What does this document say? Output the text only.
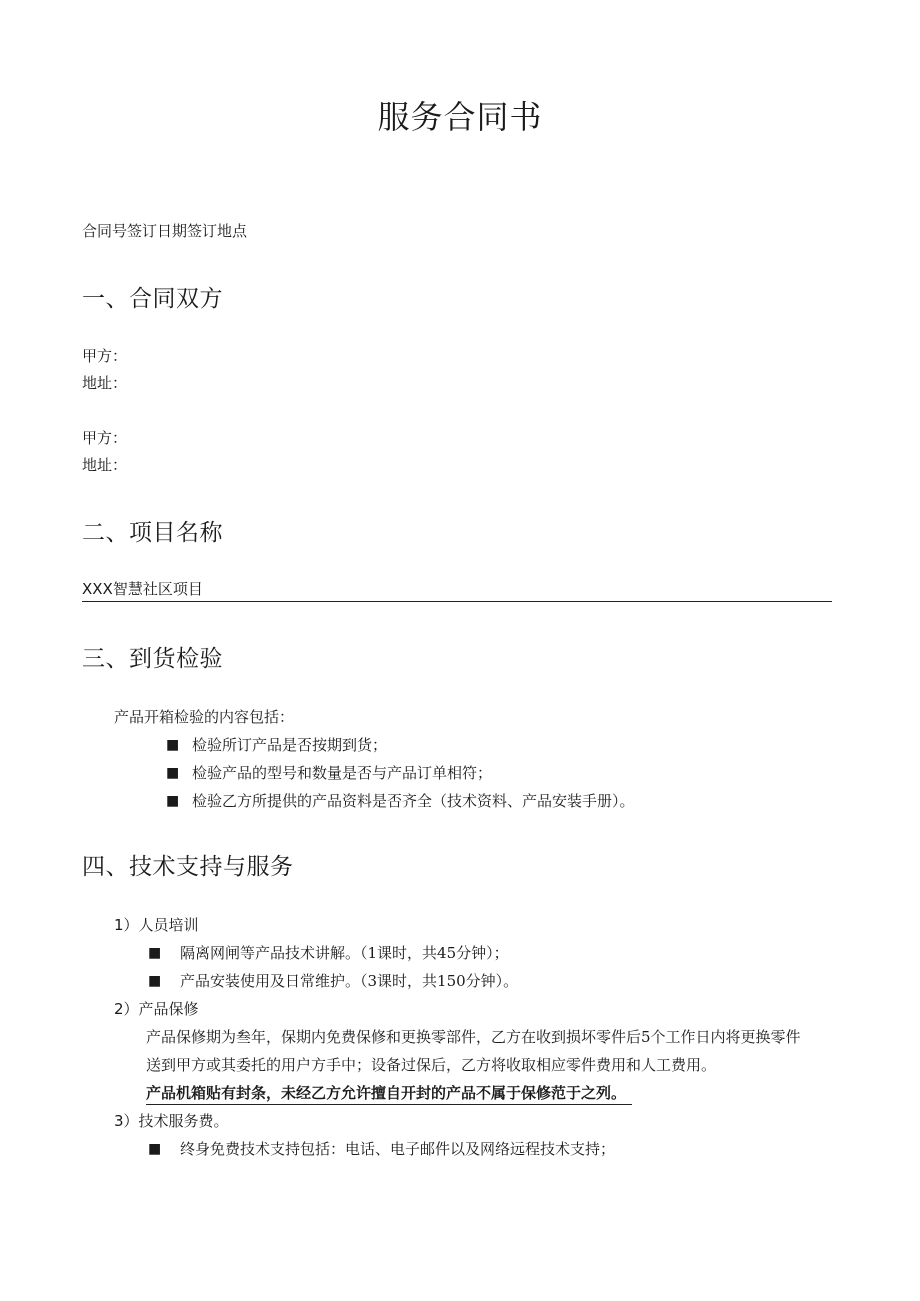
服务合同书
合同号签订日期签订地点
一、合同双方
甲方：
地址：
甲方：
地址：
二、项目名称
XXX智慧社区项目
三、到货检验
产品开箱检验的内容包括：
■ 检验所订产品是否按期到货；
■ 检验产品的型号和数量是否与产品订单相符；
■ 检验乙方所提供的产品资料是否齐全（技术资料、产品安装手册）。
四、技术支持与服务
1）人员培训
■	隔离网闸等产品技术讲解。（1课时，共45分钟）；
■	产品安装使用及日常维护。（3课时，共150分钟）。
2）产品保修
产品保修期为叁年，保期内免费保修和更换零部件，乙方在收到损坏零件后5个工作日内将更换零件
送到甲方或其委托的用户方手中；设备过保后，乙方将收取相应零件费用和人工费用。
产品机箱贴有封条，未经乙方允许擅自开封的产品不属于保修范于之列。
3）技术服务费。
■	终身免费技术支持包括：电话、电子邮件以及网络远程技术支持；
